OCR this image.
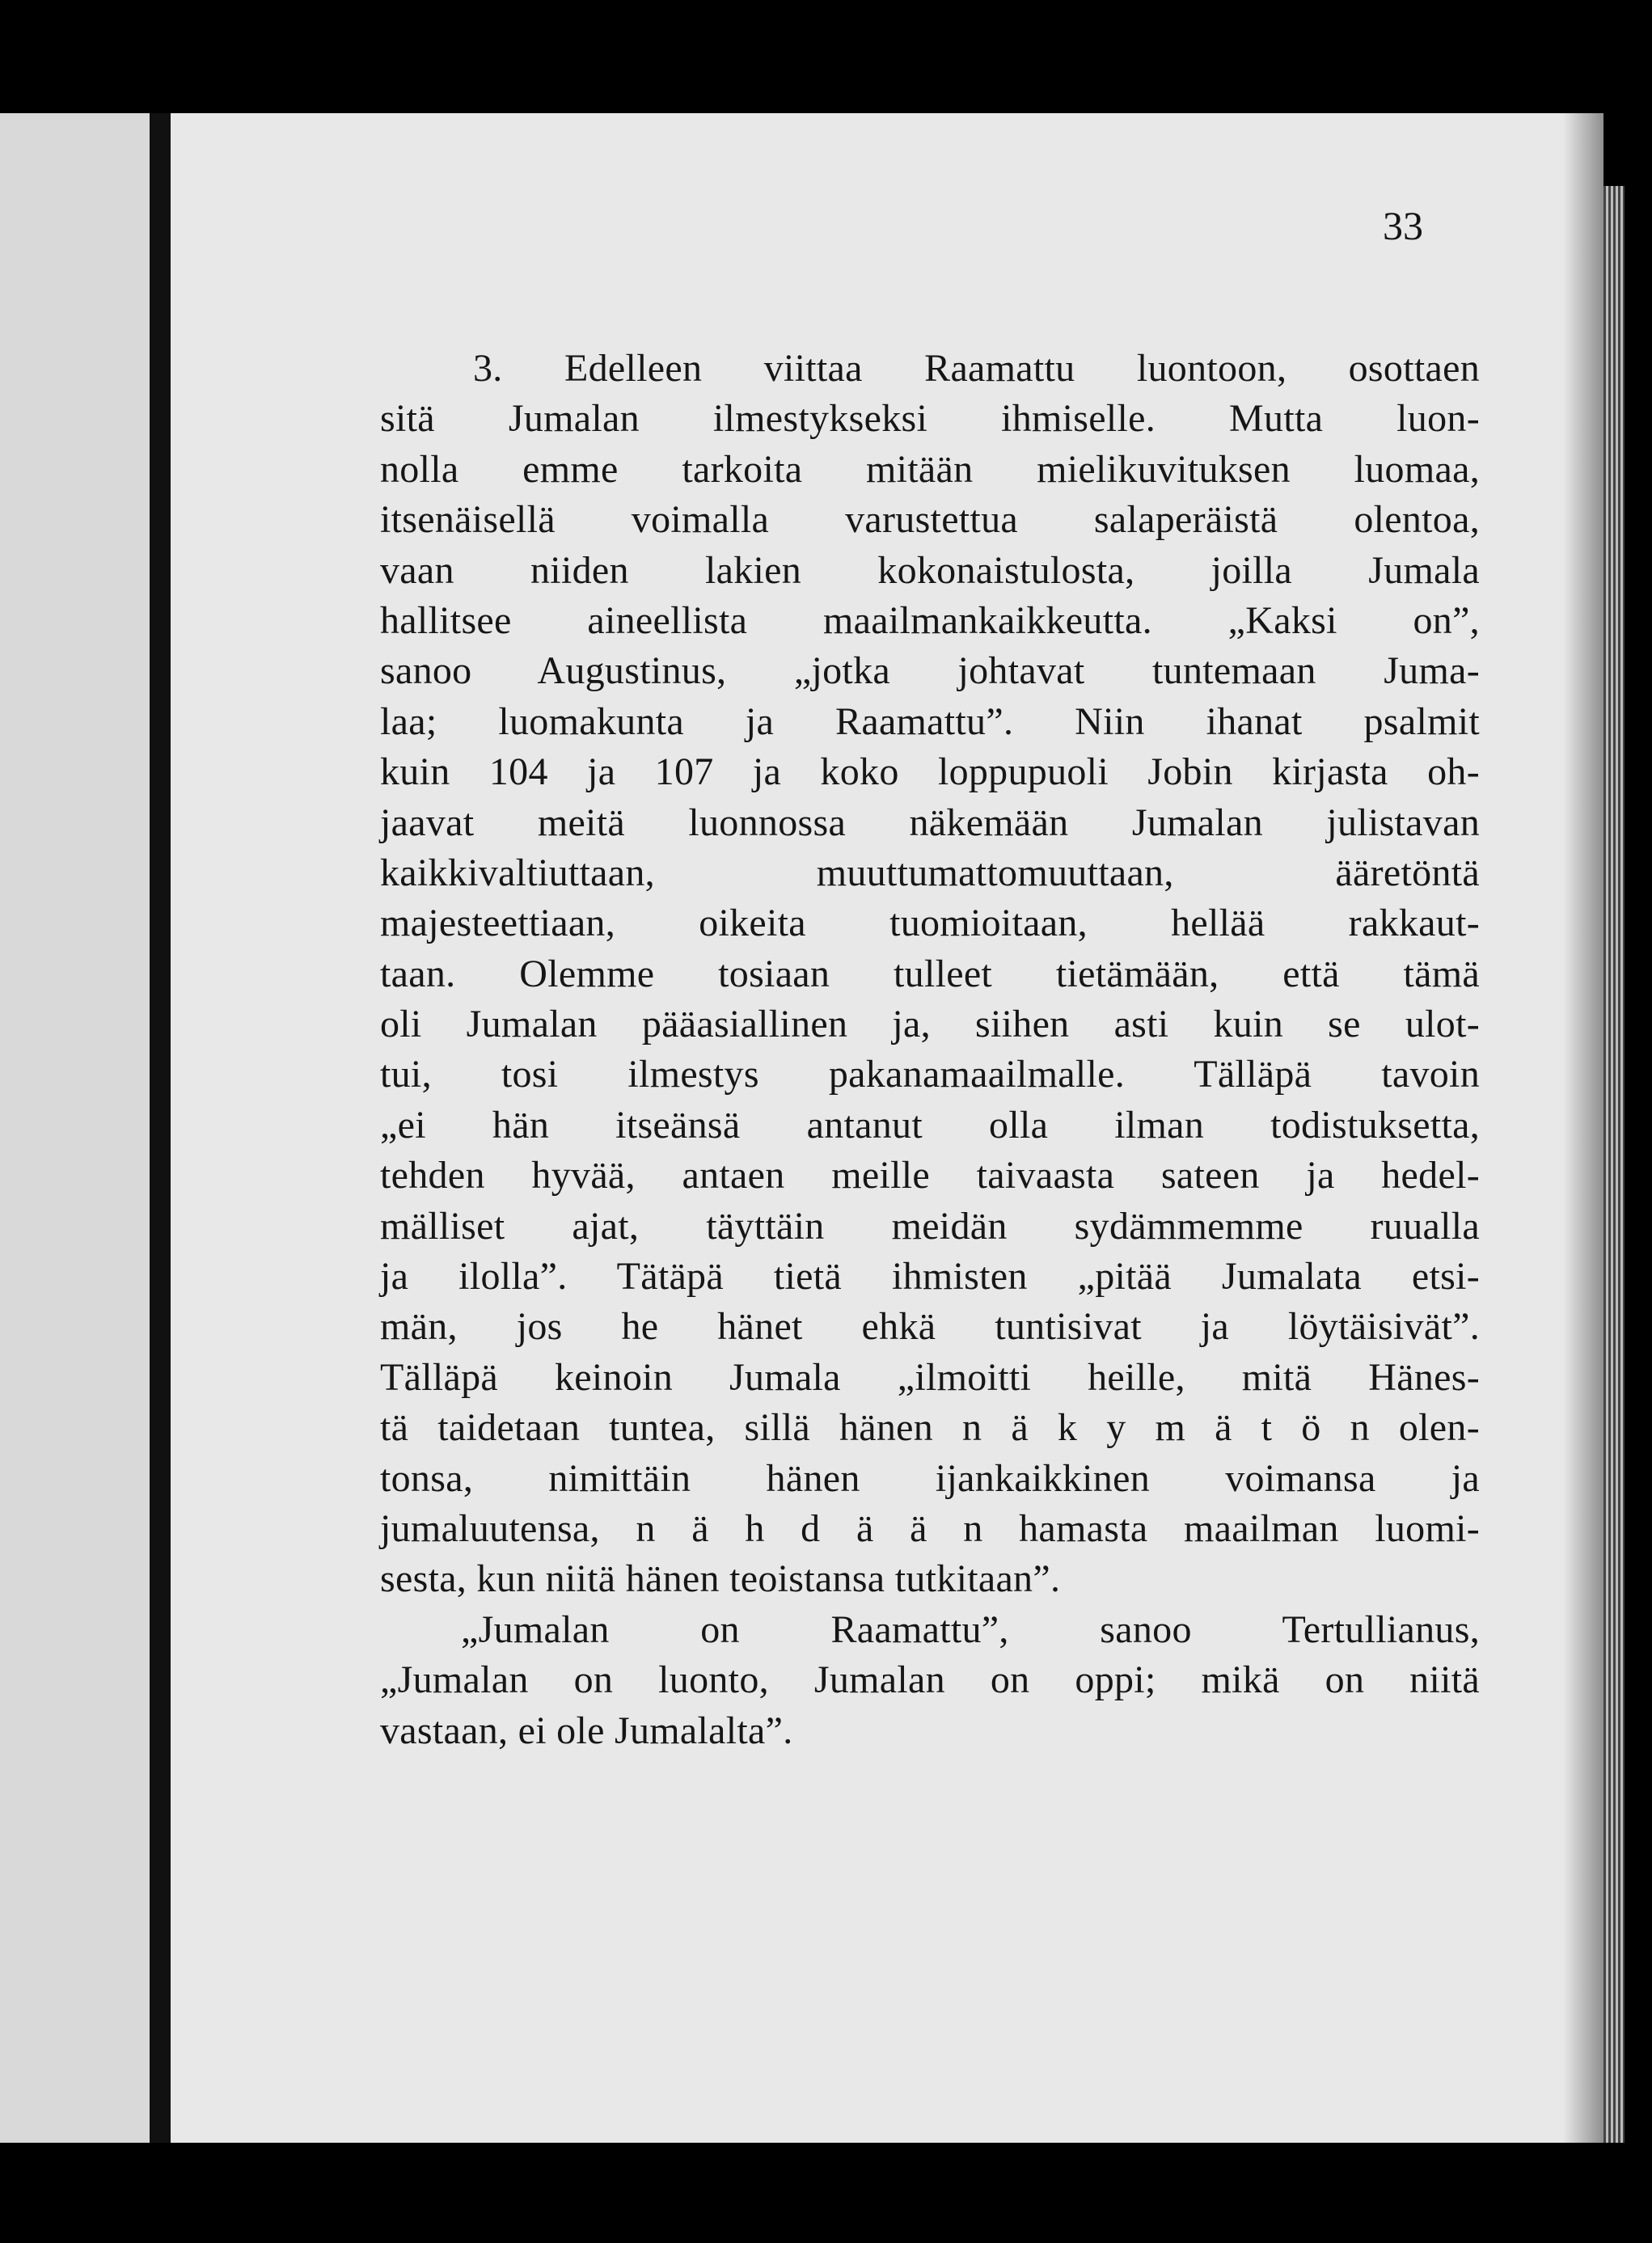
33
3. Edelleen viittaa Raamattu luontoon, osottaen
sitä Jumalan ilmestykseksi ihmiselle. Mutta luon-
nolla emme tarkoita mitään mielikuvituksen luomaa,
itsenäisellä voimalla varustettua salaperäistä olentoa,
vaan niiden lakien kokonaistulosta, joilla Jumala
hallitsee aineellista maailmankaikkeutta. „Kaksi on”,
sanoo Augustinus, „jotka johtavat tuntemaan Juma-
laa; luomakunta ja Raamattu”. Niin ihanat psalmit
kuin 104 ja 107 ja koko loppupuoli Jobin kirjasta oh-
jaavat meitä luonnossa näkemään Jumalan julistavan
kaikkivaltiuttaan, muuttumattomuuttaan, ääretöntä
majesteettiaan, oikeita tuomioitaan, hellää rakkaut-
taan. Olemme tosiaan tulleet tietämään, että tämä
oli Jumalan pääasiallinen ja, siihen asti kuin se ulot-
tui, tosi ilmestys pakanamaailmalle. Tälläpä tavoin
„ei hän itseänsä antanut olla ilman todistuksetta,
tehden hyvää, antaen meille taivaasta sateen ja hedel-
mälliset ajat, täyttäin meidän sydämmemme ruualla
ja ilolla”. Tätäpä tietä ihmisten „pitää Jumalata etsi-
män, jos he hänet ehkä tuntisivat ja löytäisivät”.
Tälläpä keinoin Jumala „ilmoitti heille, mitä Hänes-
tä taidetaan tuntea, sillä hänen n ä k y m ä t ö n olen-
tonsa, nimittäin hänen ijankaikkinen voimansa ja
jumaluutensa, n ä h d ä ä n hamasta maailman luomi-
sesta, kun niitä hänen teoistansa tutkitaan”.
„Jumalan on Raamattu”, sanoo Tertullianus,
„Jumalan on luonto, Jumalan on oppi; mikä on niitä
vastaan, ei ole Jumalalta”.
